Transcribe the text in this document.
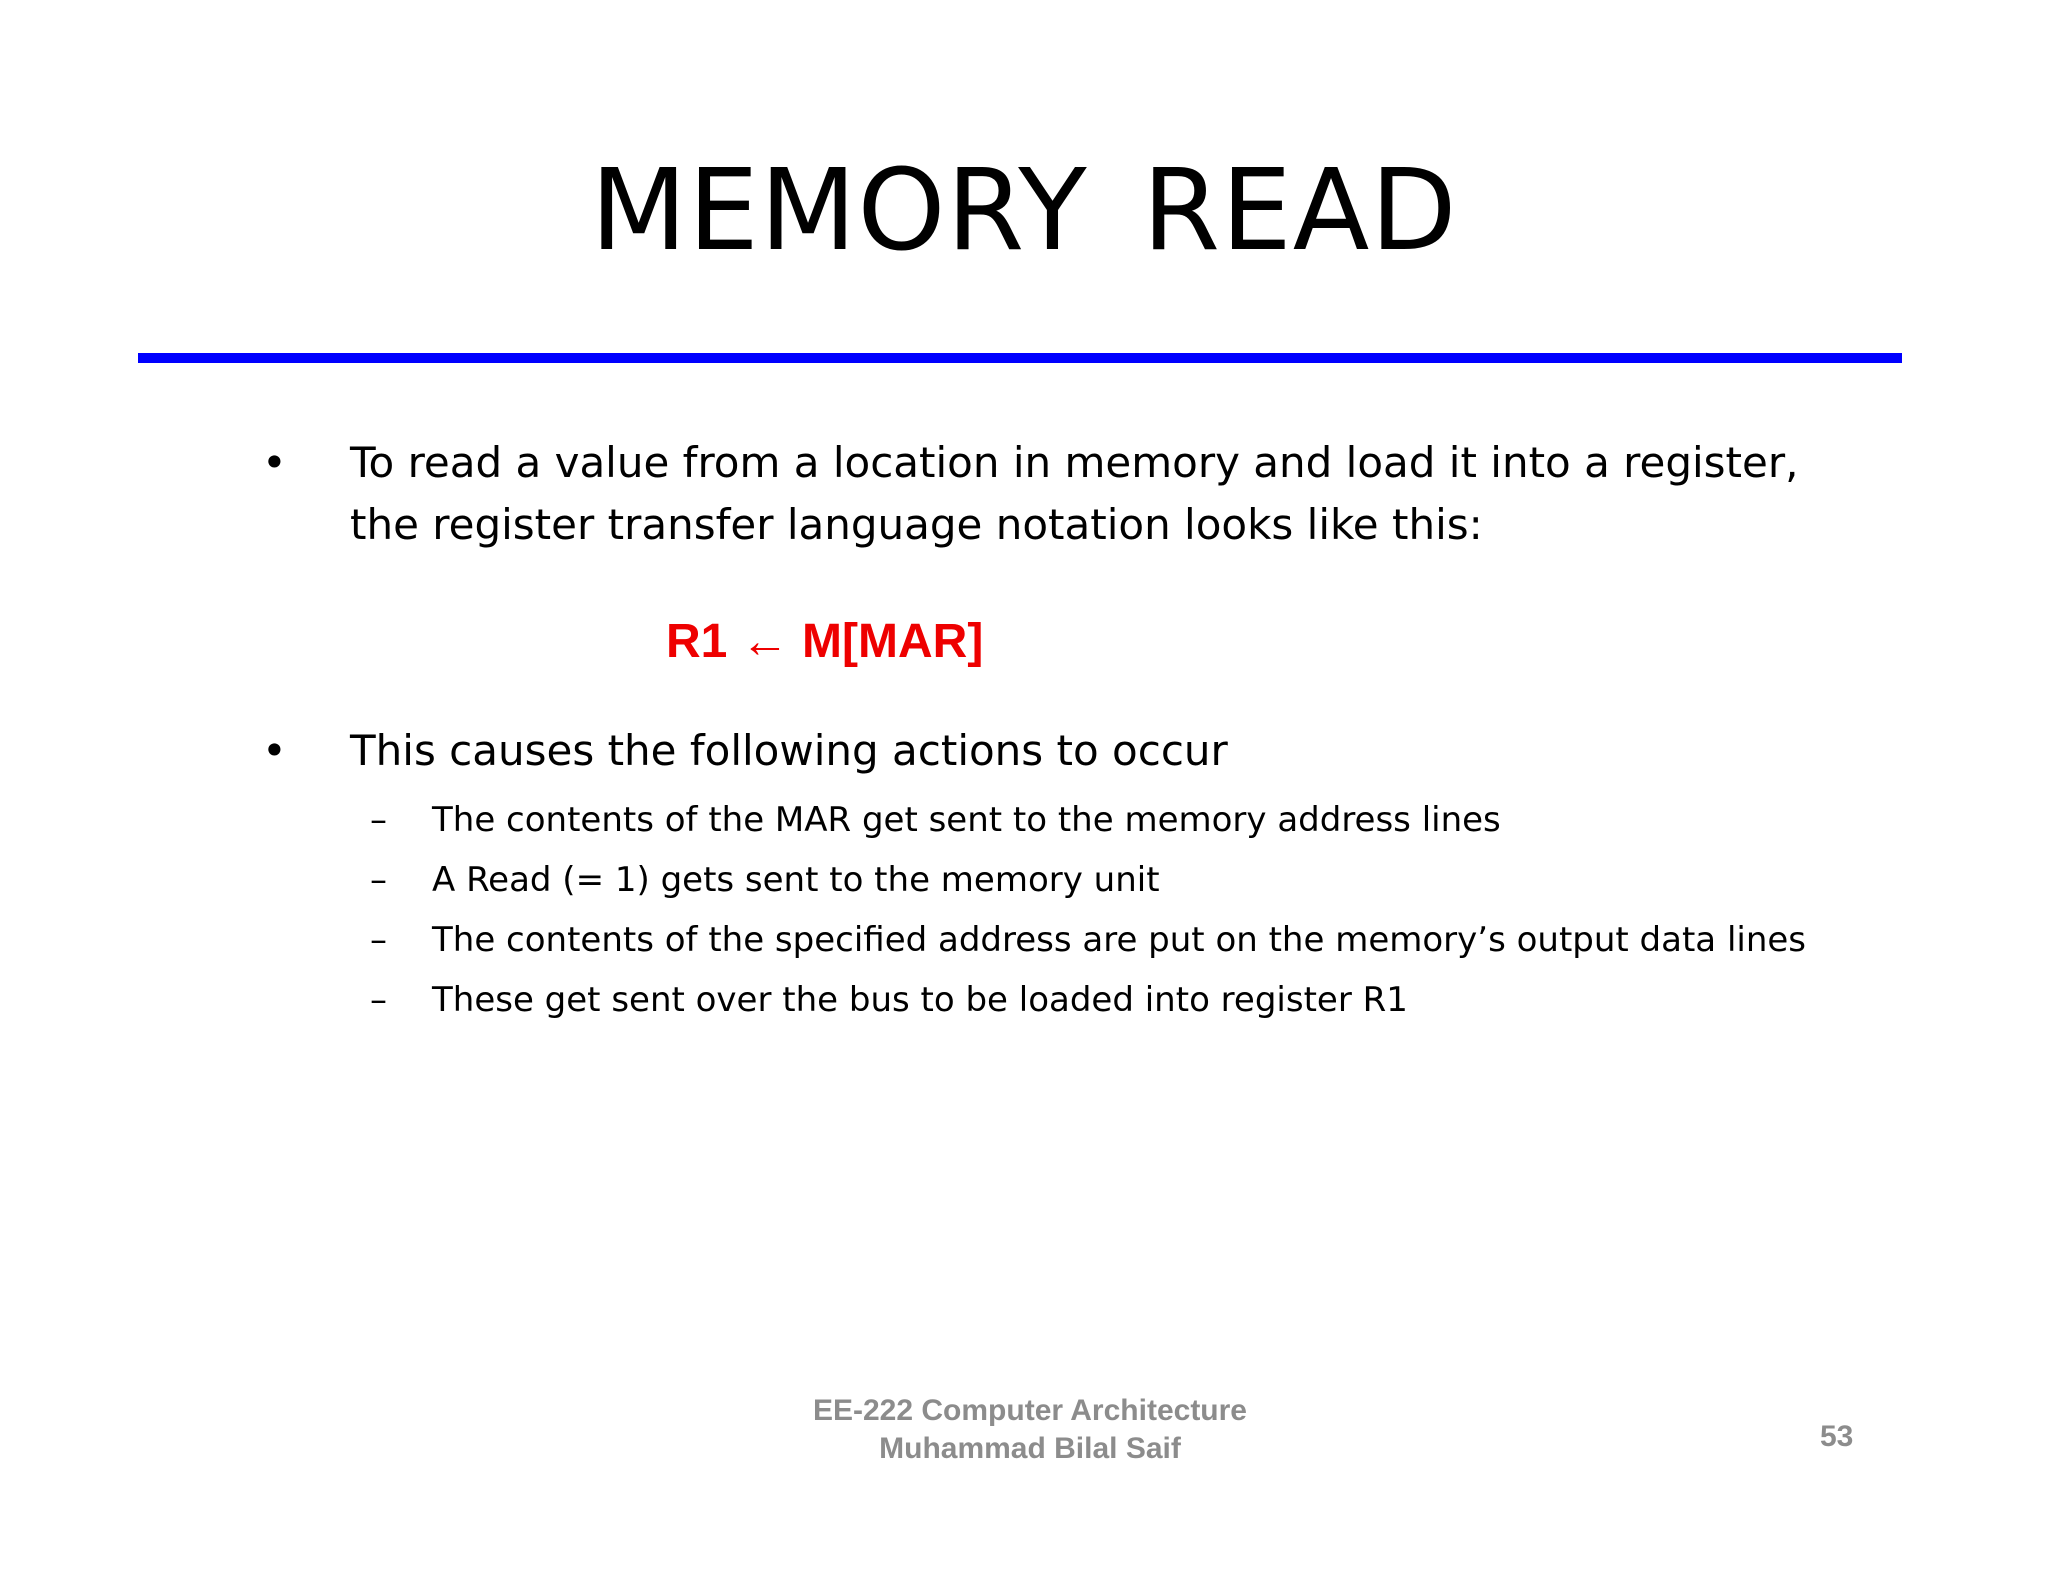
MEMORY READ
•	To read a value from a location in memory and load it into a register, the register transfer language notation looks like this:
R1 ← M[MAR]
•	This causes the following actions to occur
–	The contents of the MAR get sent to the memory address lines
–	A Read (= 1) gets sent to the memory unit
–	The contents of the specified address are put on the memory’s output data lines
–	These get sent over the bus to be loaded into register R1
EE-222 Computer Architecture
Muhammad Bilal Saif	53
